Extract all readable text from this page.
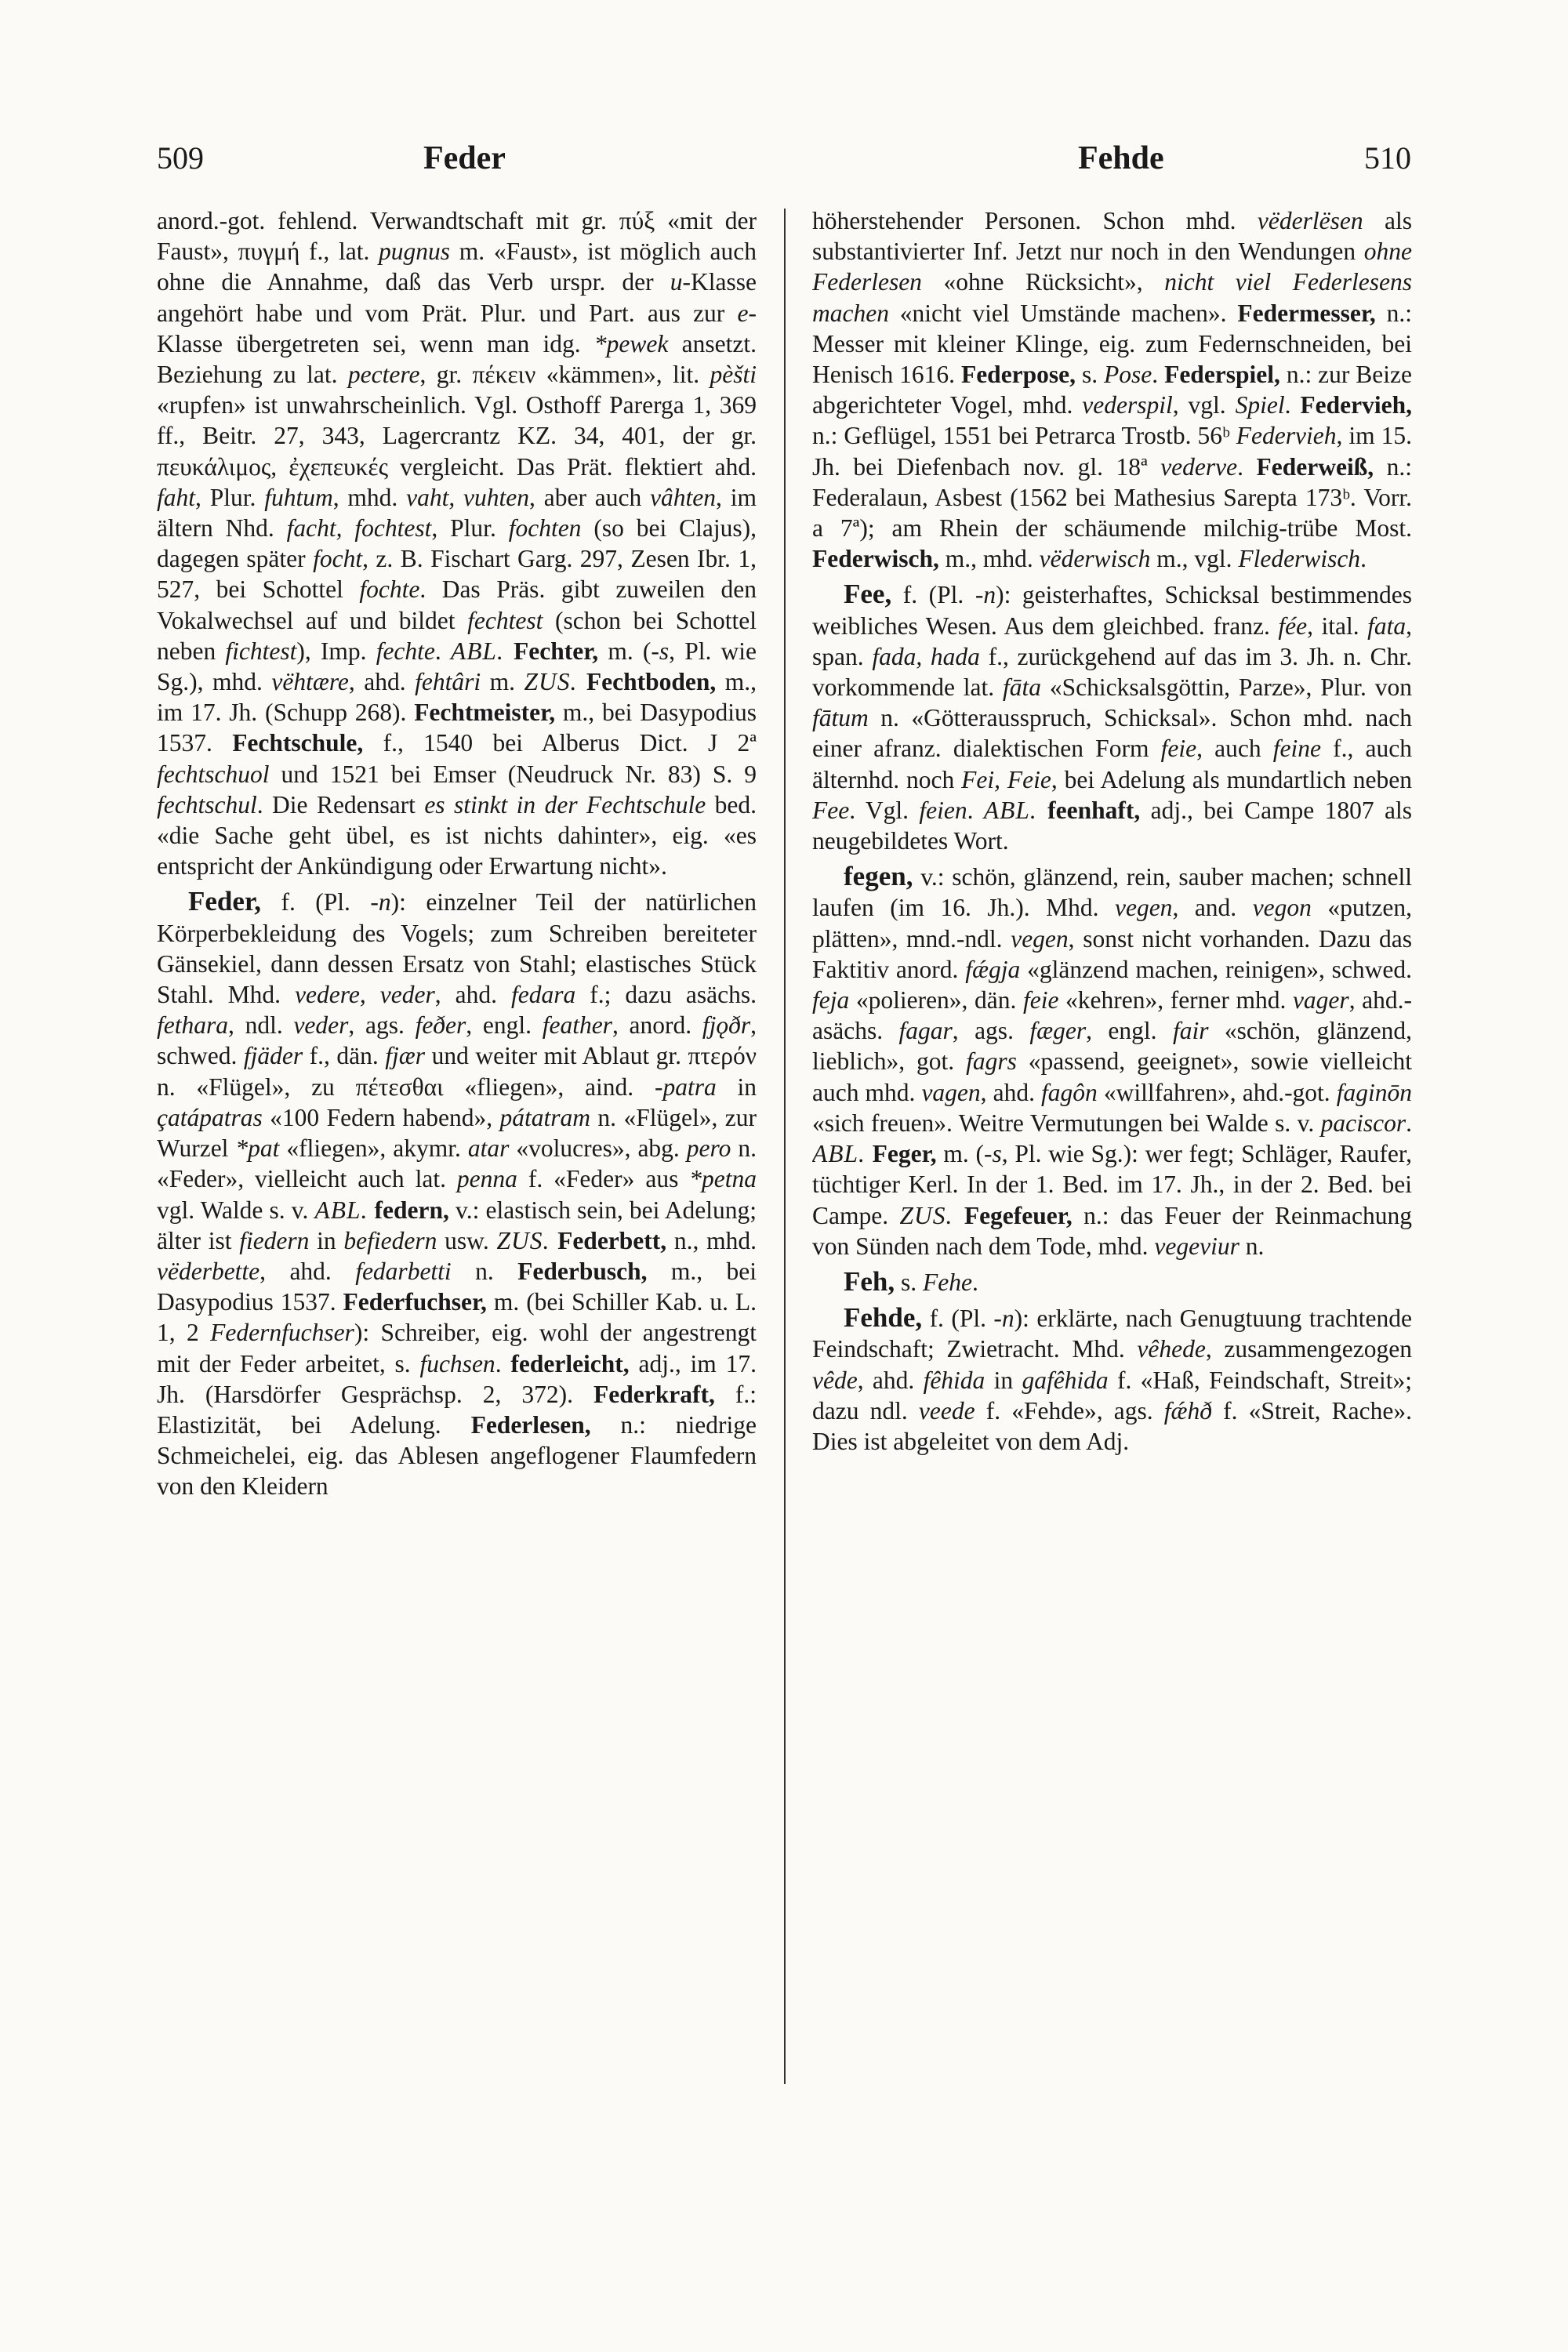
509	Feder	Fehde	510

anord.-got. fehlend. Verwandtschaft mit gr. πύξ «mit der Faust», πυγμή f., lat. pugnus m. «Faust», ist möglich auch ohne die Annahme, daß das Verb urspr. der u-Klasse angehört habe und vom Prät. Plur. und Part. aus zur e-Klasse übergetreten sei, wenn man idg. *pewek ansetzt. Beziehung zu lat. pectere, gr. πέκειν «kämmen», lit. pèšti «rupfen» ist unwahrscheinlich. Vgl. Osthoff Parerga 1, 369 ff., Beitr. 27, 343, Lagercrantz KZ. 34, 401, der gr. πευκάλιμος, ἐχεπευκές vergleicht. Das Prät. flektiert ahd. faht, Plur. fuhtum, mhd. vaht, vuhten, aber auch vâhten, im ältern Nhd. facht, fochtest, Plur. fochten (so bei Clajus), dagegen später focht, z. B. Fischart Garg. 297, Zesen Ibr. 1, 527, bei Schottel fochte. Das Präs. gibt zuweilen den Vokalwechsel auf und bildet fechtest (schon bei Schottel neben fichtest), Imp. fechte. ABL. Fechter, m. (-s, Pl. wie Sg.), mhd. vëhtære, ahd. fehtâri m. ZUS. Fechtboden, m., im 17. Jh. (Schupp 268). Fechtmeister, m., bei Dasypodius 1537. Fechtschule, f., 1540 bei Alberus Dict. J 2ª fechtschuol und 1521 bei Emser (Neudruck Nr. 83) S. 9 fechtschul. Die Redensart es stinkt in der Fechtschule bed. «die Sache geht übel, es ist nichts dahinter», eig. «es entspricht der Ankündigung oder Erwartung nicht».

Feder, f. (Pl. -n): einzelner Teil der natürlichen Körperbekleidung des Vogels; zum Schreiben bereiteter Gänsekiel, dann dessen Ersatz von Stahl; elastisches Stück Stahl. Mhd. vedere, veder, ahd. fedara f.; dazu asächs. fethara, ndl. veder, ags. feðer, engl. feather, anord. fjǫðr, schwed. fjäder f., dän. fjær und weiter mit Ablaut gr. πτερόν n. «Flügel», zu πέτεσθαι «fliegen», aind. -patra in çatápatras «100 Federn habend», pátatram n. «Flügel», zur Wurzel *pat «fliegen», akymr. atar «volucres», abg. pero n. «Feder», vielleicht auch lat. penna f. «Feder» aus *petna vgl. Walde s. v. ABL. federn, v.: elastisch sein, bei Adelung; älter ist fiedern in befiedern usw. ZUS. Federbett, n., mhd. vëderbette, ahd. fedarbetti n. Federbusch, m., bei Dasypodius 1537. Federfuchser, m. (bei Schiller Kab. u. L. 1, 2 Federnfuchser): Schreiber, eig. wohl der angestrengt mit der Feder arbeitet, s. fuchsen. federleicht, adj., im 17. Jh. (Harsdörfer Gesprächsp. 2, 372). Federkraft, f.: Elastizität, bei Adelung. Federlesen, n.: niedrige Schmeichelei, eig. das Ablesen angeflogener Flaumfedern von den Kleidern

höherstehender Personen. Schon mhd. vëderlësen als substantivierter Inf. Jetzt nur noch in den Wendungen ohne Federlesen «ohne Rücksicht», nicht viel Federlesens machen «nicht viel Umstände machen». Federmesser, n.: Messer mit kleiner Klinge, eig. zum Federnschneiden, bei Henisch 1616. Federpose, s. Pose. Federspiel, n.: zur Beize abgerichteter Vogel, mhd. vederspil, vgl. Spiel. Federvieh, n.: Geflügel, 1551 bei Petrarca Trostb. 56ᵇ Federvieh, im 15. Jh. bei Diefenbach nov. gl. 18ª vederve. Federweiß, n.: Federalaun, Asbest (1562 bei Mathesius Sarepta 173ᵇ. Vorr. a 7ª); am Rhein der schäumende milchig-trübe Most. Federwisch, m., mhd. vëderwisch m., vgl. Flederwisch.

Fee, f. (Pl. -n): geisterhaftes, Schicksal bestimmendes weibliches Wesen. Aus dem gleichbed. franz. fée, ital. fata, span. fada, hada f., zurückgehend auf das im 3. Jh. n. Chr. vorkommende lat. fāta «Schicksalsgöttin, Parze», Plur. von fātum n. «Götterausspruch, Schicksal». Schon mhd. nach einer afranz. dialektischen Form feie, auch feine f., auch älternhd. noch Fei, Feie, bei Adelung als mundartlich neben Fee. Vgl. feien. ABL. feenhaft, adj., bei Campe 1807 als neugebildetes Wort.

fegen, v.: schön, glänzend, rein, sauber machen; schnell laufen (im 16. Jh.). Mhd. vegen, and. vegon «putzen, plätten», mnd.-ndl. vegen, sonst nicht vorhanden. Dazu das Faktitiv anord. fǽgja «glänzend machen, reinigen», schwed. feja «polieren», dän. feie «kehren», ferner mhd. vager, ahd.-asächs. fagar, ags. fæger, engl. fair «schön, glänzend, lieblich», got. fagrs «passend, geeignet», sowie vielleicht auch mhd. vagen, ahd. fagôn «willfahren», ahd.-got. faginōn «sich freuen». Weitre Vermutungen bei Walde s. v. paciscor. ABL. Feger, m. (-s, Pl. wie Sg.): wer fegt; Schläger, Raufer, tüchtiger Kerl. In der 1. Bed. im 17. Jh., in der 2. Bed. bei Campe. ZUS. Fegefeuer, n.: das Feuer der Reinmachung von Sünden nach dem Tode, mhd. vegeviur n.

Feh, s. Fehe.

Fehde, f. (Pl. -n): erklärte, nach Genugtuung trachtende Feindschaft; Zwietracht. Mhd. vêhede, zusammengezogen vêde, ahd. fêhida in gafêhida f. «Haß, Feindschaft, Streit»; dazu ndl. veede f. «Fehde», ags. fǽhð f. «Streit, Rache». Dies ist abgeleitet von dem Adj.
